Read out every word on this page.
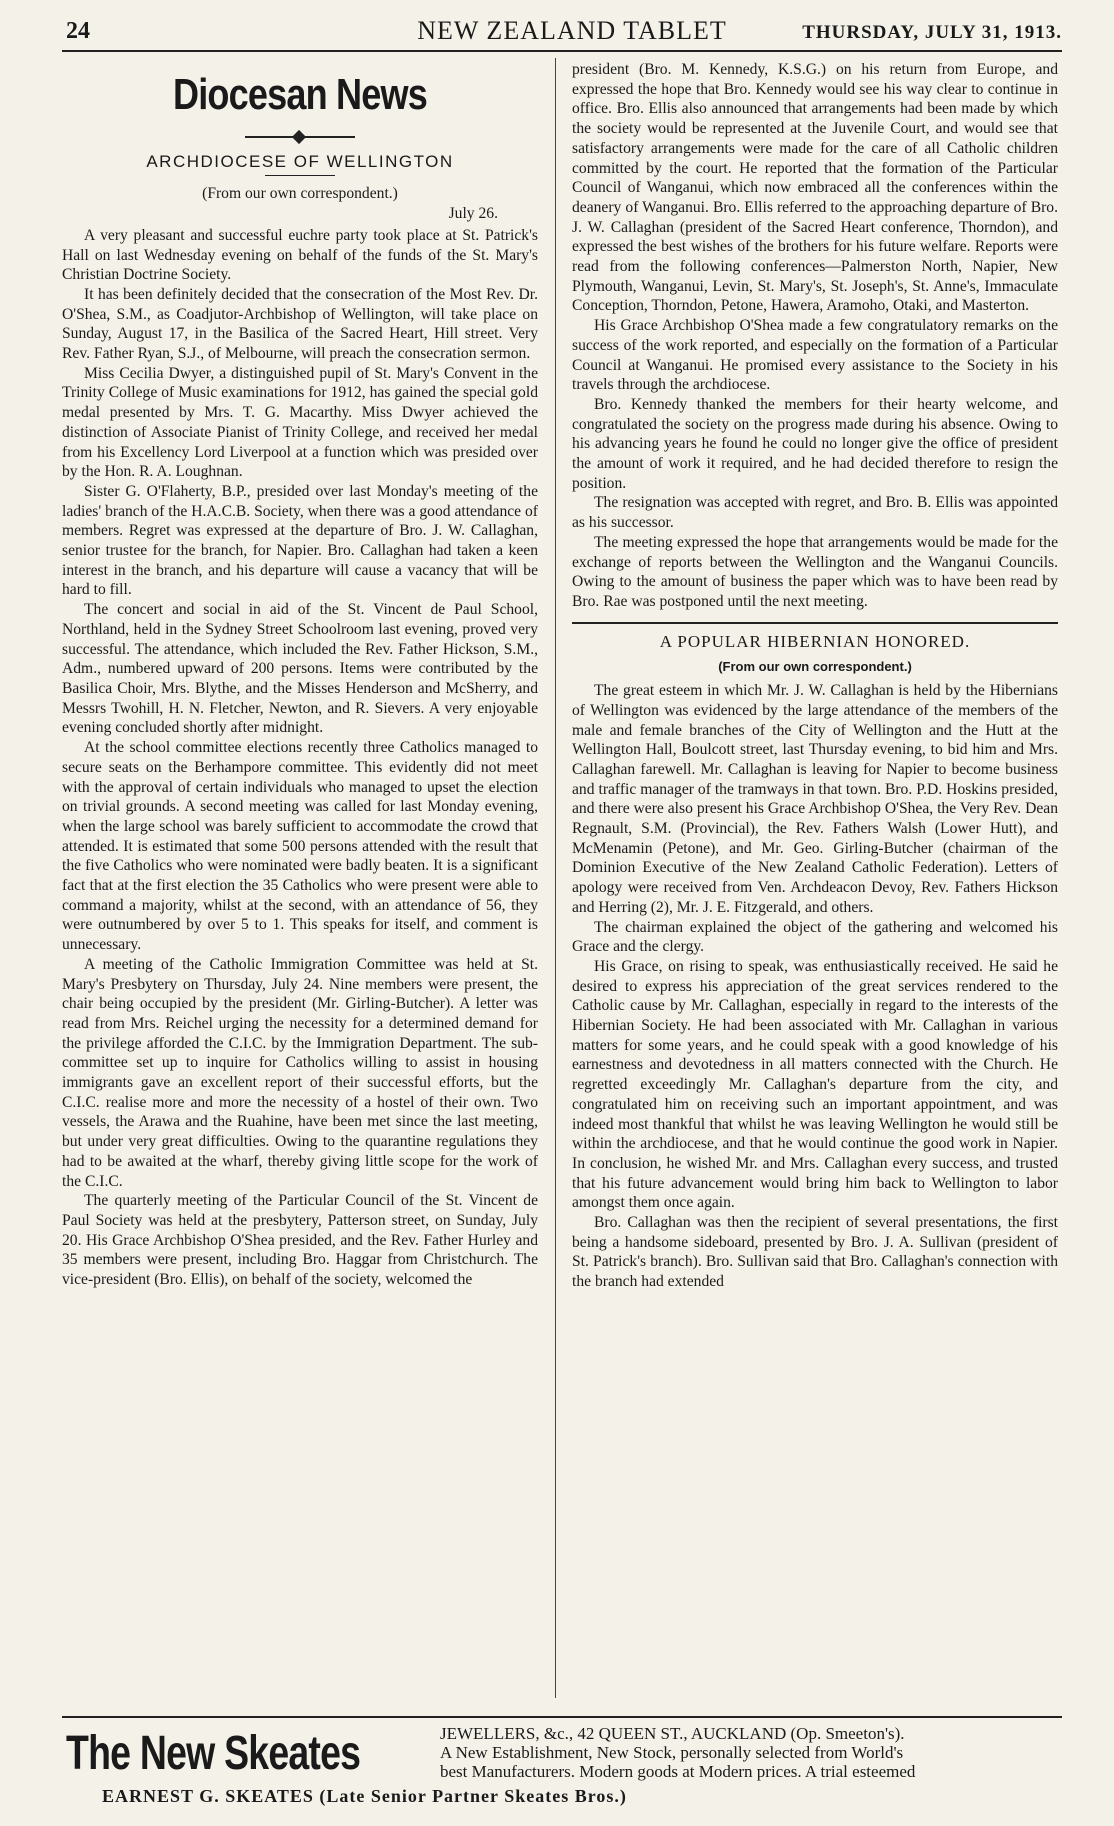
24	NEW ZEALAND TABLET	THURSDAY, JULY 31, 1913.
Diocesan News
ARCHDIOCESE OF WELLINGTON
(From our own correspondent.)
July 26.

A very pleasant and successful euchre party took place at St. Patrick's Hall on last Wednesday evening on behalf of the funds of the St. Mary's Christian Doctrine Society.

It has been definitely decided that the consecration of the Most Rev. Dr. O'Shea, S.M., as Coadjutor-Archbishop of Wellington, will take place on Sunday, August 17, in the Basilica of the Sacred Heart, Hill street. Very Rev. Father Ryan, S.J., of Melbourne, will preach the consecration sermon.

Miss Cecilia Dwyer, a distinguished pupil of St. Mary's Convent in the Trinity College of Music examinations for 1912, has gained the special gold medal presented by Mrs. T. G. Macarthy. Miss Dwyer achieved the distinction of Associate Pianist of Trinity College, and received her medal from his Excellency Lord Liverpool at a function which was presided over by the Hon. R. A. Loughnan.

Sister G. O'Flaherty, B.P., presided over last Monday's meeting of the ladies' branch of the H.A.C.B. Society, when there was a good attendance of members. Regret was expressed at the departure of Bro. J. W. Callaghan, senior trustee for the branch, for Napier. Bro. Callaghan had taken a keen interest in the branch, and his departure will cause a vacancy that will be hard to fill.

The concert and social in aid of the St. Vincent de Paul School, Northland, held in the Sydney Street Schoolroom last evening, proved very successful. The attendance, which included the Rev. Father Hickson, S.M., Adm., numbered upward of 200 persons. Items were contributed by the Basilica Choir, Mrs. Blythe, and the Misses Henderson and McSherry, and Messrs Twohill, H. N. Fletcher, Newton, and R. Sievers. A very enjoyable evening concluded shortly after midnight.

At the school committee elections recently three Catholics managed to secure seats on the Berhampore committee. This evidently did not meet with the approval of certain individuals who managed to upset the election on trivial grounds. A second meeting was called for last Monday evening, when the large school was barely sufficient to accommodate the crowd that attended. It is estimated that some 500 persons attended with the result that the five Catholics who were nominated were badly beaten. It is a significant fact that at the first election the 35 Catholics who were present were able to command a majority, whilst at the second, with an attendance of 56, they were outnumbered by over 5 to 1. This speaks for itself, and comment is unnecessary.

A meeting of the Catholic Immigration Committee was held at St. Mary's Presbytery on Thursday, July 24. Nine members were present, the chair being occupied by the president (Mr. Girling-Butcher). A letter was read from Mrs. Reichel urging the necessity for a determined demand for the privilege afforded the C.I.C. by the Immigration Department. The sub-committee set up to inquire for Catholics willing to assist in housing immigrants gave an excellent report of their successful efforts, but the C.I.C. realise more and more the necessity of a hostel of their own. Two vessels, the Arawa and the Ruahine, have been met since the last meeting, but under very great difficulties. Owing to the quarantine regulations they had to be awaited at the wharf, thereby giving little scope for the work of the C.I.C.

The quarterly meeting of the Particular Council of the St. Vincent de Paul Society was held at the presbytery, Patterson street, on Sunday, July 20. His Grace Archbishop O'Shea presided, and the Rev. Father Hurley and 35 members were present, including Bro. Haggar from Christchurch. The vice-president (Bro. Ellis), on behalf of the society, welcomed the

president (Bro. M. Kennedy, K.S.G.) on his return from Europe, and expressed the hope that Bro. Kennedy would see his way clear to continue in office. Bro. Ellis also announced that arrangements had been made by which the society would be represented at the Juvenile Court, and would see that satisfactory arrangements were made for the care of all Catholic children committed by the court. He reported that the formation of the Particular Council of Wanganui, which now embraced all the conferences within the deanery of Wanganui. Bro. Ellis referred to the approaching departure of Bro. J. W. Callaghan (president of the Sacred Heart conference, Thorndon), and expressed the best wishes of the brothers for his future welfare. Reports were read from the following conferences—Palmerston North, Napier, New Plymouth, Wanganui, Levin, St. Mary's, St. Joseph's, St. Anne's, Immaculate Conception, Thorndon, Petone, Hawera, Aramoho, Otaki, and Masterton.

His Grace Archbishop O'Shea made a few congratulatory remarks on the success of the work reported, and especially on the formation of a Particular Council at Wanganui. He promised every assistance to the Society in his travels through the archdiocese.

Bro. Kennedy thanked the members for their hearty welcome, and congratulated the society on the progress made during his absence. Owing to his advancing years he found he could no longer give the office of president the amount of work it required, and he had decided therefore to resign the position.

The resignation was accepted with regret, and Bro. B. Ellis was appointed as his successor.

The meeting expressed the hope that arrangements would be made for the exchange of reports between the Wellington and the Wanganui Councils. Owing to the amount of business the paper which was to have been read by Bro. Rae was postponed until the next meeting.

A POPULAR HIBERNIAN HONORED.
(From our own correspondent.)

The great esteem in which Mr. J. W. Callaghan is held by the Hibernians of Wellington was evidenced by the large attendance of the members of the male and female branches of the City of Wellington and the Hutt at the Wellington Hall, Boulcott street, last Thursday evening, to bid him and Mrs. Callaghan farewell. Mr. Callaghan is leaving for Napier to become business and traffic manager of the tramways in that town. Bro. P.D. Hoskins presided, and there were also present his Grace Archbishop O'Shea, the Very Rev. Dean Regnault, S.M. (Provincial), the Rev. Fathers Walsh (Lower Hutt), and McMenamin (Petone), and Mr. Geo. Girling-Butcher (chairman of the Dominion Executive of the New Zealand Catholic Federation). Letters of apology were received from Ven. Archdeacon Devoy, Rev. Fathers Hickson and Herring (2), Mr. J. E. Fitzgerald, and others.

The chairman explained the object of the gathering and welcomed his Grace and the clergy.

His Grace, on rising to speak, was enthusiastically received. He said he desired to express his appreciation of the great services rendered to the Catholic cause by Mr. Callaghan, especially in regard to the interests of the Hibernian Society. He had been associated with Mr. Callaghan in various matters for some years, and he could speak with a good knowledge of his earnestness and devotedness in all matters connected with the Church. He regretted exceedingly Mr. Callaghan's departure from the city, and congratulated him on receiving such an important appointment, and was indeed most thankful that whilst he was leaving Wellington he would still be within the archdiocese, and that he would continue the good work in Napier. In conclusion, he wished Mr. and Mrs. Callaghan every success, and trusted that his future advancement would bring him back to Wellington to labor amongst them once again.

Bro. Callaghan was then the recipient of several presentations, the first being a handsome sideboard, presented by Bro. J. A. Sullivan (president of St. Patrick's branch). Bro. Sullivan said that Bro. Callaghan's connection with the branch had extended

The New Skeates	JEWELLERS, &c., 42 QUEEN ST., AUCKLAND (Op. Smeeton's).
A New Establishment, New Stock, personally selected from World's
best Manufacturers. Modern goods at Modern prices. A trial esteemed
EARNEST G. SKEATES (Late Senior Partner Skeates Bros.)
